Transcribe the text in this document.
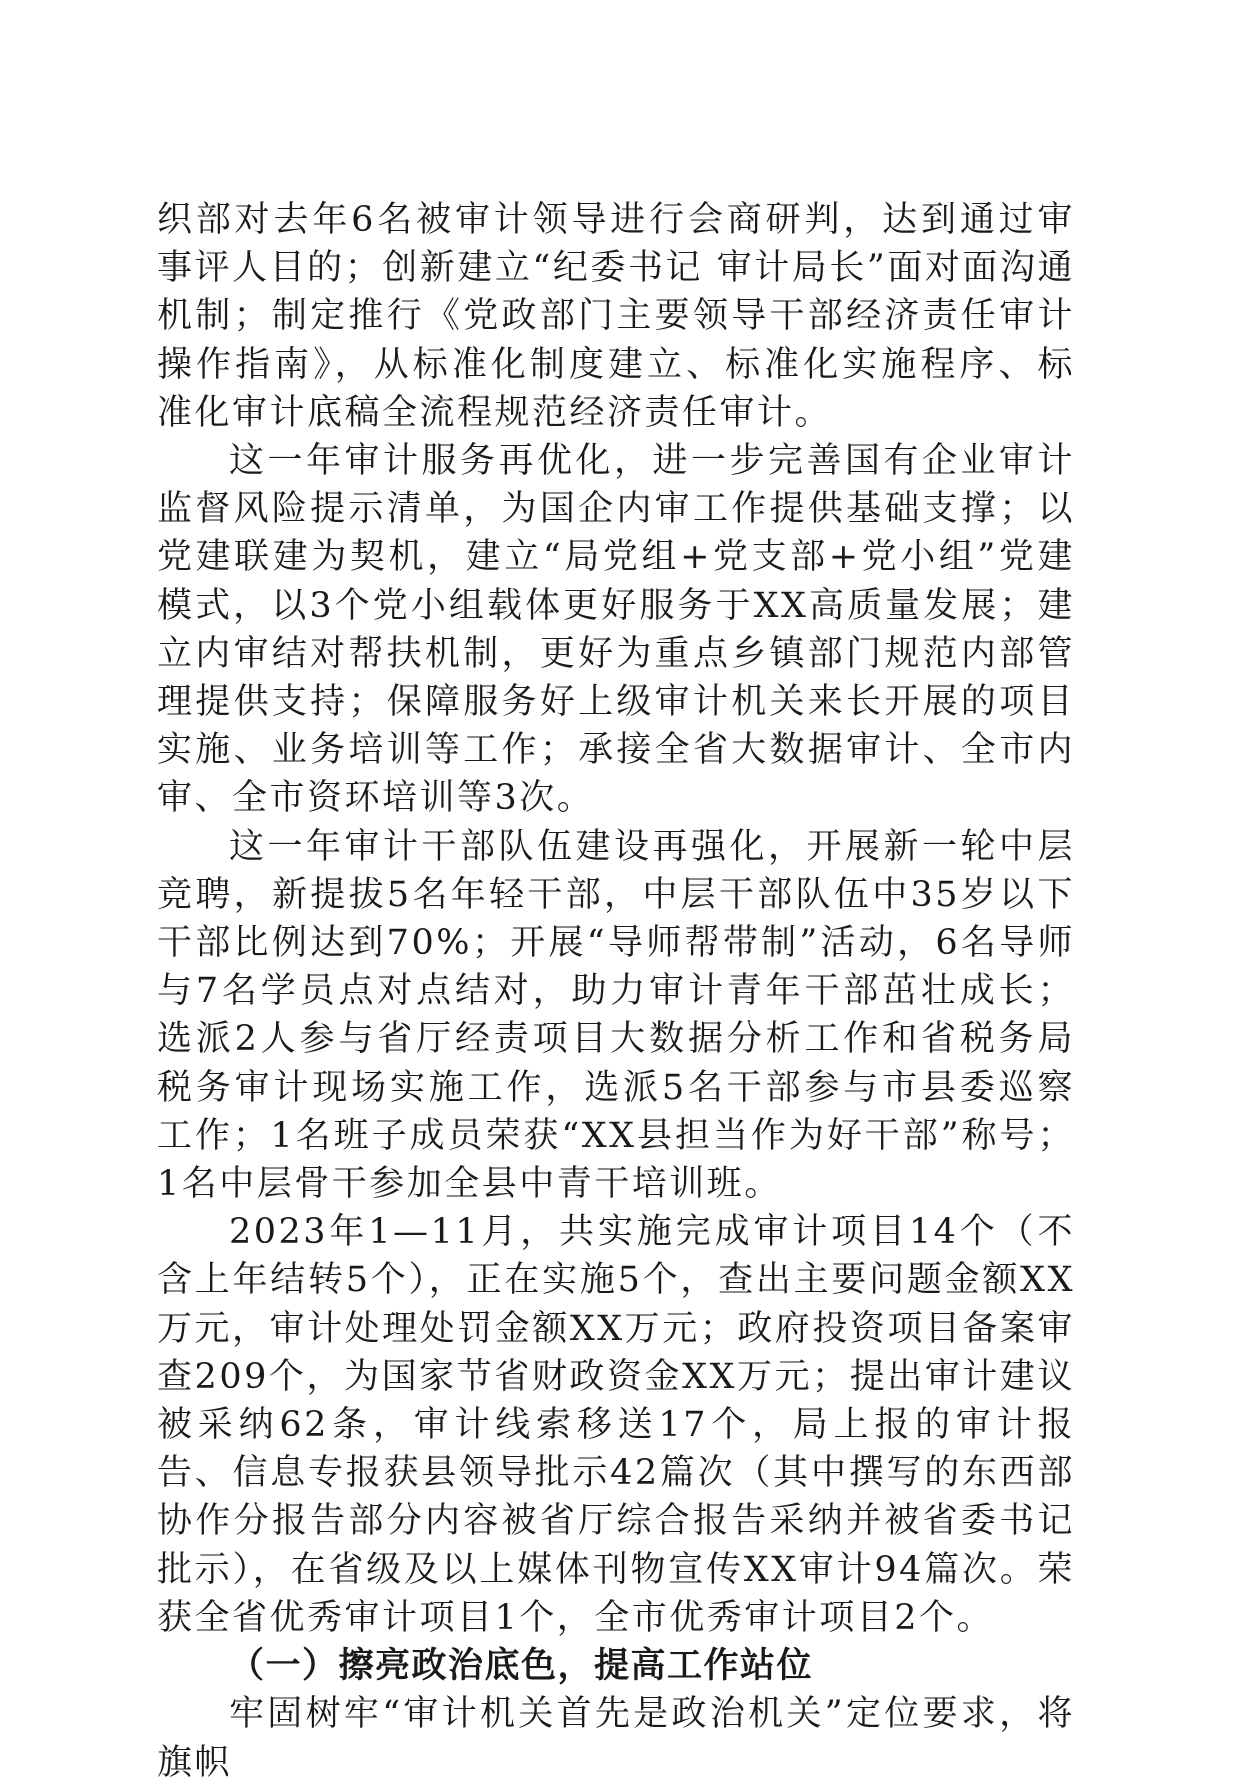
织部对去年6名被审计领导进行会商研判，达到通过审事评人目的；创新建立“纪委书记 审计局长”面对面沟通机制；制定推行《党政部门主要领导干部经济责任审计操作指南》，从标准化制度建立、标准化实施程序、标准化审计底稿全流程规范经济责任审计。

这一年审计服务再优化，进一步完善国有企业审计监督风险提示清单，为国企内审工作提供基础支撑；以党建联建为契机，建立“局党组+党支部+党小组”党建模式，以3个党小组载体更好服务于XX高质量发展；建立内审结对帮扶机制，更好为重点乡镇部门规范内部管理提供支持；保障服务好上级审计机关来长开展的项目实施、业务培训等工作；承接全省大数据审计、全市内审、全市资环培训等3次。

这一年审计干部队伍建设再强化，开展新一轮中层竞聘，新提拔5名年轻干部，中层干部队伍中35岁以下干部比例达到70%；开展“导师帮带制”活动，6名导师与7名学员点对点结对，助力审计青年干部茁壮成长；选派2人参与省厅经责项目大数据分析工作和省税务局税务审计现场实施工作，选派5名干部参与市县委巡察工作；1名班子成员荣获“XX县担当作为好干部”称号；1名中层骨干参加全县中青干培训班。

2023年1—11月，共实施完成审计项目14个（不含上年结转5个），正在实施5个，查出主要问题金额XX万元，审计处理处罚金额XX万元；政府投资项目备案审查209个，为国家节省财政资金XX万元；提出审计建议被采纳62条，审计线索移送17个，局上报的审计报告、信息专报获县领导批示42篇次（其中撰写的东西部协作分报告部分内容被省厅综合报告采纳并被省委书记批示），在省级及以上媒体刊物宣传XX审计94篇次。荣获全省优秀审计项目1个，全市优秀审计项目2个。

（一）擦亮政治底色，提高工作站位

牢固树牢“审计机关首先是政治机关”定位要求，将旗帜
